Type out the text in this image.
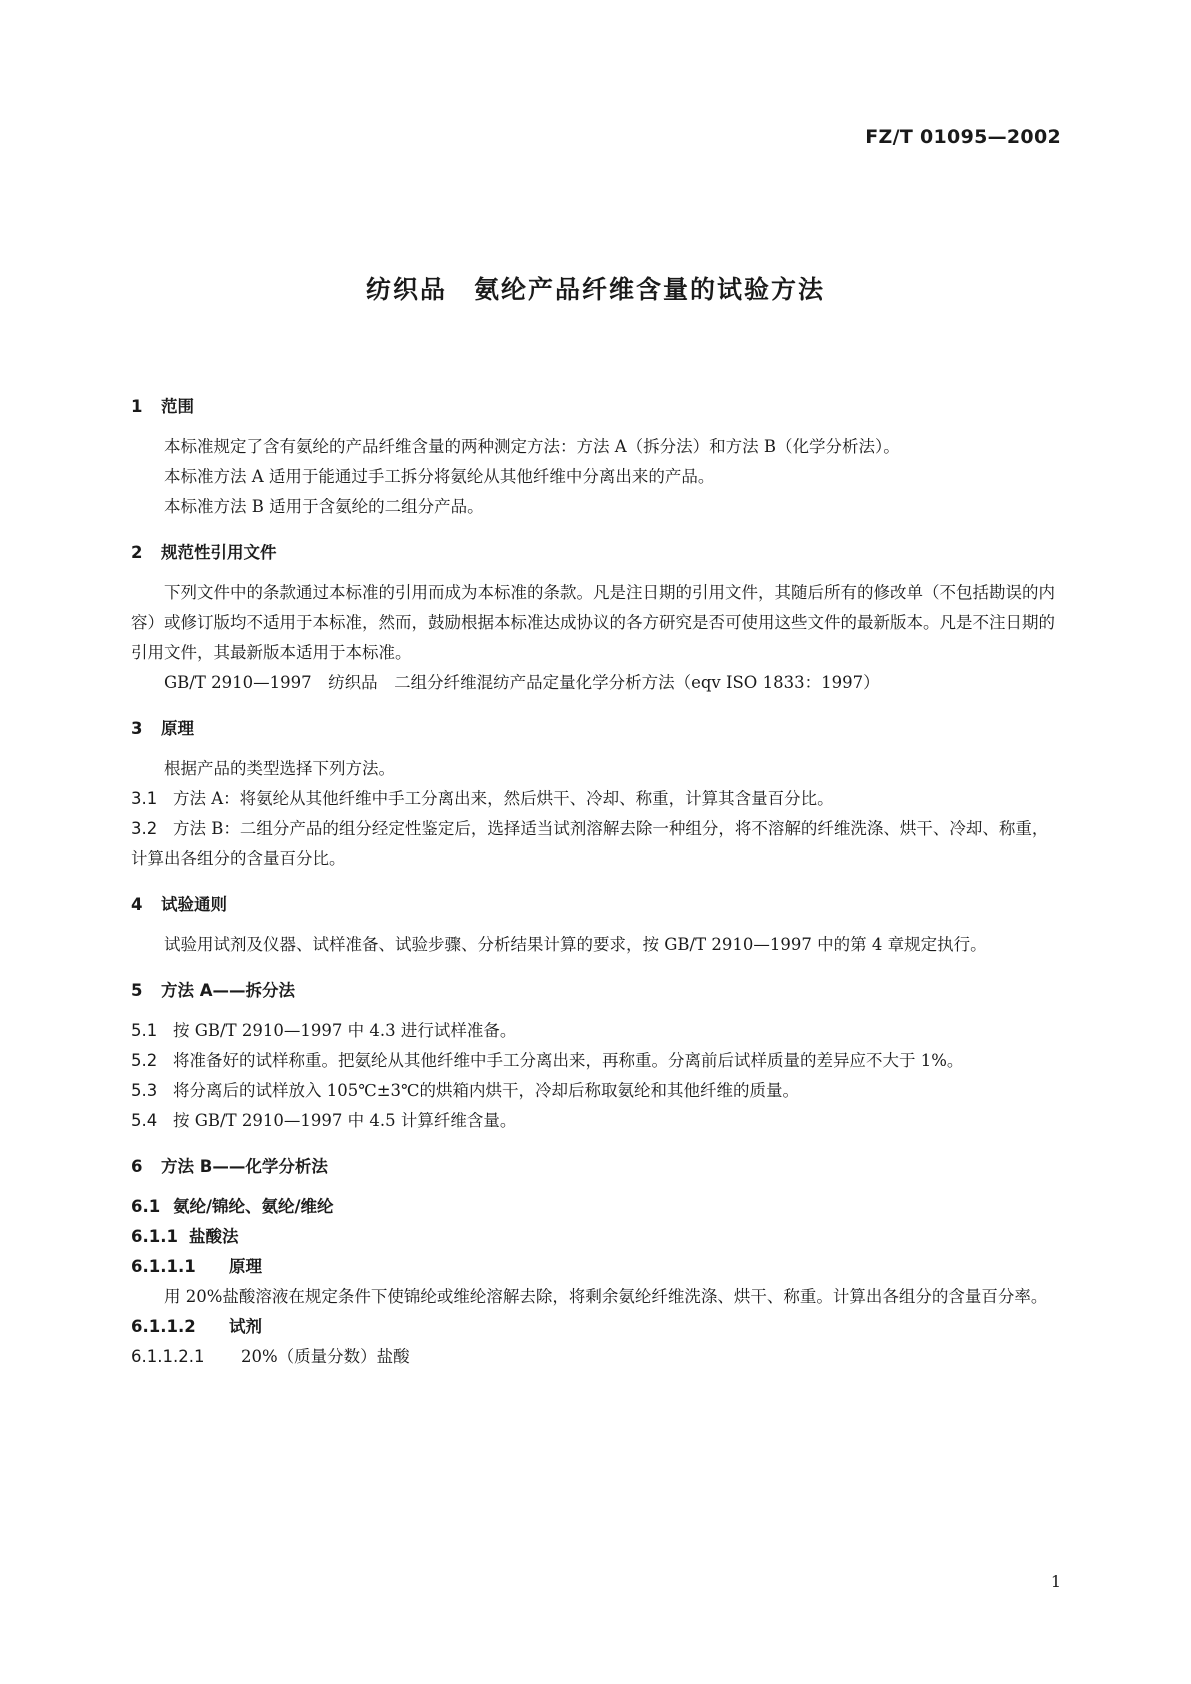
FZ/T 01095—2002
纺织品　氨纶产品纤维含量的试验方法
1 范围
本标准规定了含有氨纶的产品纤维含量的两种测定方法：方法 A（拆分法）和方法 B（化学分析法）。
本标准方法 A 适用于能通过手工拆分将氨纶从其他纤维中分离出来的产品。
本标准方法 B 适用于含氨纶的二组分产品。
2 规范性引用文件
下列文件中的条款通过本标准的引用而成为本标准的条款。凡是注日期的引用文件，其随后所有的修改单（不包括勘误的内容）或修订版均不适用于本标准，然而，鼓励根据本标准达成协议的各方研究是否可使用这些文件的最新版本。凡是不注日期的引用文件，其最新版本适用于本标准。
GB/T 2910—1997　纺织品　二组分纤维混纺产品定量化学分析方法（eqv ISO 1833：1997）
3 原理
根据产品的类型选择下列方法。
3.1 方法 A：将氨纶从其他纤维中手工分离出来，然后烘干、冷却、称重，计算其含量百分比。
3.2 方法 B：二组分产品的组分经定性鉴定后，选择适当试剂溶解去除一种组分，将不溶解的纤维洗涤、烘干、冷却、称重，计算出各组分的含量百分比。
4 试验通则
试验用试剂及仪器、试样准备、试验步骤、分析结果计算的要求，按 GB/T 2910—1997 中的第 4 章规定执行。
5 方法 A——拆分法
5.1 按 GB/T 2910—1997 中 4.3 进行试样准备。
5.2 将准备好的试样称重。把氨纶从其他纤维中手工分离出来，再称重。分离前后试样质量的差异应不大于 1%。
5.3 将分离后的试样放入 105℃±3℃的烘箱内烘干，冷却后称取氨纶和其他纤维的质量。
5.4 按 GB/T 2910—1997 中 4.5 计算纤维含量。
6 方法 B——化学分析法
6.1 氨纶/锦纶、氨纶/维纶
6.1.1 盐酸法
6.1.1.1 原理
用 20%盐酸溶液在规定条件下使锦纶或维纶溶解去除，将剩余氨纶纤维洗涤、烘干、称重。计算出各组分的含量百分率。
6.1.1.2 试剂
6.1.1.2.1 20%（质量分数）盐酸
1
